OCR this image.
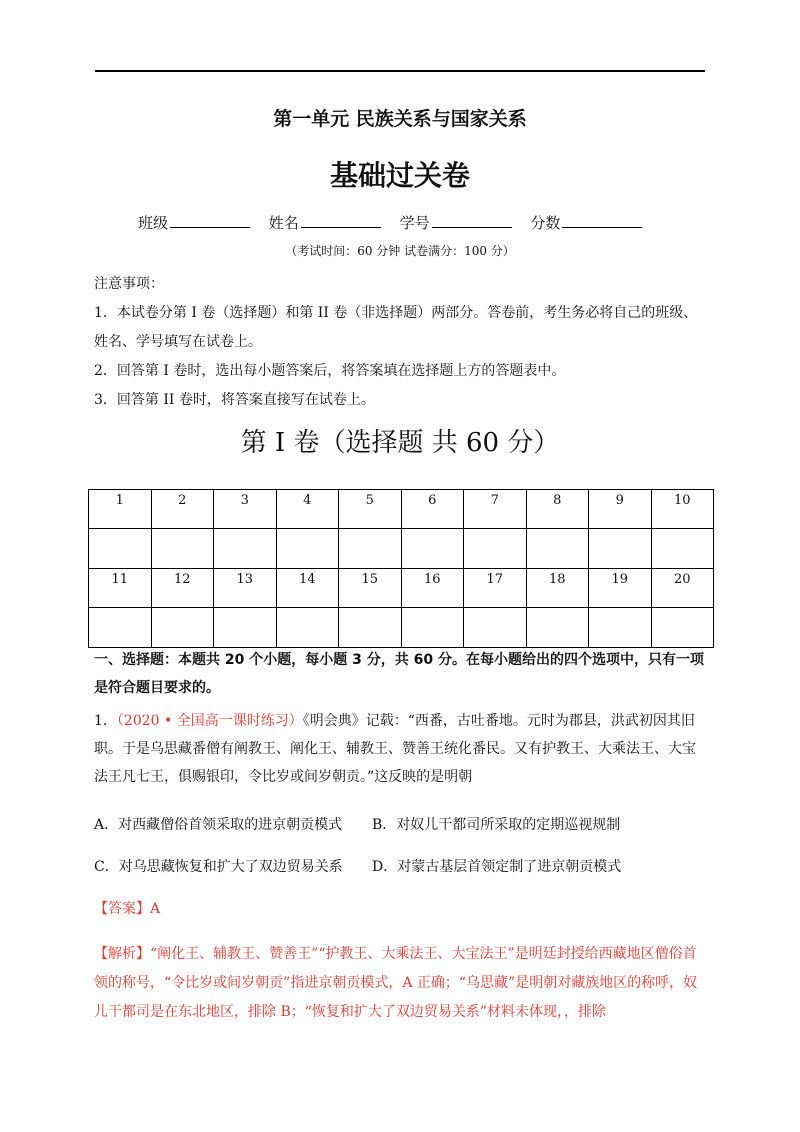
第一单元 民族关系与国家关系
基础过关卷
班级	姓名	学号	分数
（考试时间：60 分钟 试卷满分：100 分）

注意事项：

1．本试卷分第 I 卷（选择题）和第 II 卷（非选择题）两部分。答卷前，考生务必将自己的班级、姓名、学号填写在试卷上。

2．回答第 I 卷时，选出每小题答案后，将答案填在选择题上方的答题表中。

3．回答第 II 卷时，将答案直接写在试卷上。

第 I 卷（选择题 共 60 分）
1	2	3	4	5	6	7	8	9	10

11	12	13	14	15	16	17	18	19	20

一、选择题：本题共 20 个小题，每小题 3 分，共 60 分。在每小题给出的四个选项中，只有一项是符合题目要求的。
1．（2020 • 全国高一课时练习）《明会典》记载：“西番，古吐番地。元时为郡县，洪武初因其旧职。于是乌思藏番僧有阐教王、阐化王、辅教王、赞善王统化番民。又有护教王、大乘法王、大宝法王凡七王，俱赐银印，令比岁或间岁朝贡。”这反映的是明朝
A．对西藏僧俗首领采取的进京朝贡模式 B．对奴儿干都司所采取的定期巡视规制
C．对乌思藏恢复和扩大了双边贸易关系 D．对蒙古基层首领定制了进京朝贡模式
【答案】A
【解析】“阐化王、辅教王、赞善王”“护教王、大乘法王、大宝法王”是明廷封授给西藏地区僧俗首领的称号，“令比岁或间岁朝贡”指进京朝贡模式，A 正确；“乌思藏”是明朝对藏族地区的称呼，奴儿干都司是在东北地区，排除 B；“恢复和扩大了双边贸易关系”材料未体现，，排除
